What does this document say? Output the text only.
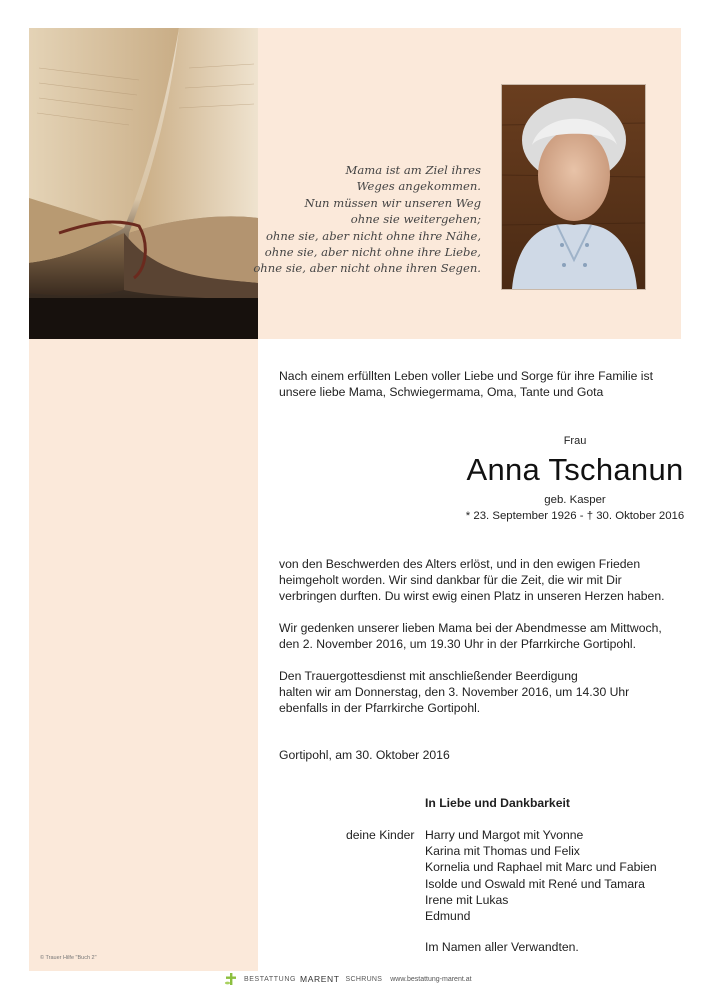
Mama ist am Ziel ihres
Weges angekommen.
Nun müssen wir unseren Weg
ohne sie weitergehen;
ohne sie, aber nicht ohne ihre Nähe,
ohne sie, aber nicht ohne ihre Liebe,
ohne sie, aber nicht ohne ihren Segen.
Nach einem erfüllten Leben voller Liebe und Sorge für ihre Familie ist
unsere liebe Mama, Schwiegermama, Oma, Tante und Gota
Frau
Anna Tschanun
geb. Kasper
* 23. September 1926 - † 30. Oktober 2016
von den Beschwerden des Alters erlöst, und in den ewigen Frieden
heimgeholt worden. Wir sind dankbar für die Zeit, die wir mit Dir
verbringen durften. Du wirst ewig einen Platz in unseren Herzen haben.
Wir gedenken unserer lieben Mama bei der Abendmesse am Mittwoch,
den 2. November 2016, um 19.30 Uhr in der Pfarrkirche Gortipohl.
Den Trauergottesdienst mit anschließender Beerdigung
halten wir am Donnerstag, den 3. November 2016, um 14.30 Uhr
ebenfalls in der Pfarrkirche Gortipohl.
Gortipohl, am 30. Oktober 2016
In Liebe und Dankbarkeit
deine Kinder Harry und Margot mit Yvonne
Karina mit Thomas und Felix
Kornelia und Raphael mit Marc und Fabien
Isolde und Oswald mit René und Tamara
Irene mit Lukas
Edmund
Im Namen aller Verwandten.
© Trauer Hilfe "Buch 2"
BESTATTUNG MARENT SCHRUNS www.bestattung-marent.at
